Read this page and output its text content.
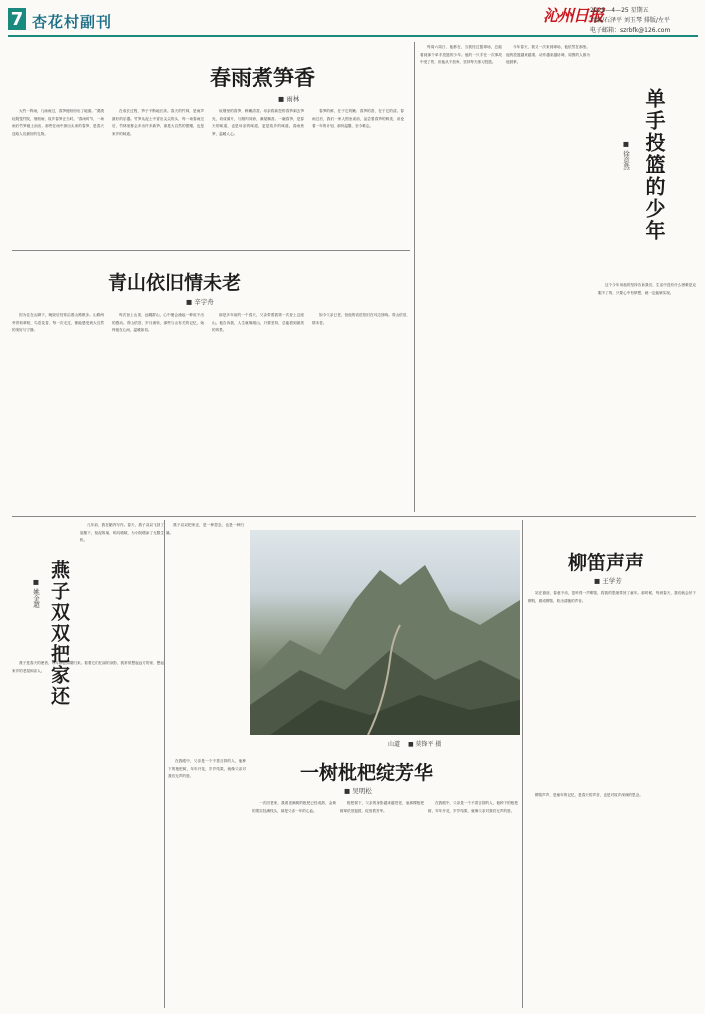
7 杏花村副刊	沁州日报
2025—4—25 星期五
责编/石泽平 刘玉琴 排版/左平
电子邮箱：szrbfk@126.com
春雨煮笋香
■ 雨林
大约一阵雨，几场雨过，春笋便纷纷出了地面。“漠漠轻阴笼竹院，细细雨，故乡春笋正当时。”春雨时节，一场雨后竹笋破土而出，那些在雨中探出头来的春笋，是春天送给人们最好的礼物。
在成长过程，笋子不断地长高。春天的竹林，是雨声最好的乐器。竹笋从泥土中冒出尖尖的头，每一场春雨过后，竹林里都会多出许多新笋，那是大自然的馈赠，也是家乡的味道。
炊烟里的春笋，鲜嫩清香。母亲将新挖的春笋剥去笋壳，切成薄片，与腊肉同炒，满屋飘香。一碗春笋，是春天的味道，也是母亲的味道，更是故乡的味道。春雨煮笋，温暖人心。
春笋的鲜，在于它的嫩；春笋的香，在于它的清。春雨过后，我们一家人围坐桌前，品尝着春笋的鲜美，谈论着一年的计划，那份温馨，至今难忘。
每周六周日，他都在，当我经过篮球场，总能看到那个单手投篮的少年。他的一只手在一次事故中受了伤，但他从不放弃，坚持每天练习投篮。
今年春天，我又一次来到球场，他依然在那里。他的投篮越来越准，动作越来越协调，周围的人都为他鼓掌。
单手投篮的少年
■ 徐意然
这个少年用他的坚持告诉我们，生活中没有什么困难是克服不了的，只要心中有梦想，就一定能够实现。
青山依旧情未老
■ 辛宇舟
因为住在山脚下，晚饭后经常沿着山路散步。山路两旁青松翠柏，鸟语花香，每一次走过，都能感受到大自然的美好与宁静。
每次登上山顶，远眺群山，心中便会涌起一种说不出的感动。青山依旧，岁月流转，那些与山有关的记忆，始终留在心间，温暖如初。
那是多年前的一个春天，父亲带着我第一次登上这座山。他告诉我，人生就像爬山，只要坚持，总能看到最美的风景。
如今父亲已老，但他的话语依旧在耳边回响。青山依旧，情未老。
燕子双双把家还
■ 姚金超
几年前，我在陋内写作。春天，燕子双双飞回了屋檐下，衔泥筑巢，叽叽喳喳，为小院增添了无限生机。
燕子是春天的使者，每年都会如期归来。看着它们忙碌的身影，我常常想起远方的家，想起家乡的老屋和亲人。
燕子双双把家还，是一种思念，也是一种归属。
山道 ■ 莫锋平 摄
一树枇杷绽芳华
■ 吴明松
在我眼中，父亲是一个不善言辞的人，他种下的枇杷树，年年开花，岁岁结果，就像父亲对我们无声的爱。
一次回老家，我看见满树的枇杷已经成熟，金黄的果实挂满枝头，那是父亲一年的心血。
枇杷树下，父亲的身影越来越苍老，而那棵枇杷树却依旧挺拔，绽放着芳华。
在我眼中，父亲是一个不善言辞的人，他种下的枇杷树，年年开花，岁岁结果，就像父亲对我们无声的爱。
柳笛声声
■ 王学芳
站在窗前，春意不动，忽听得一声柳笛，将我的思绪带回了童年。那时候，每到春天，我们就会折下柳枝，做成柳笛，吹出清脆的声音。
柳笛声声，是童年的记忆，是春天的声音，也是对故乡深深的思念。
